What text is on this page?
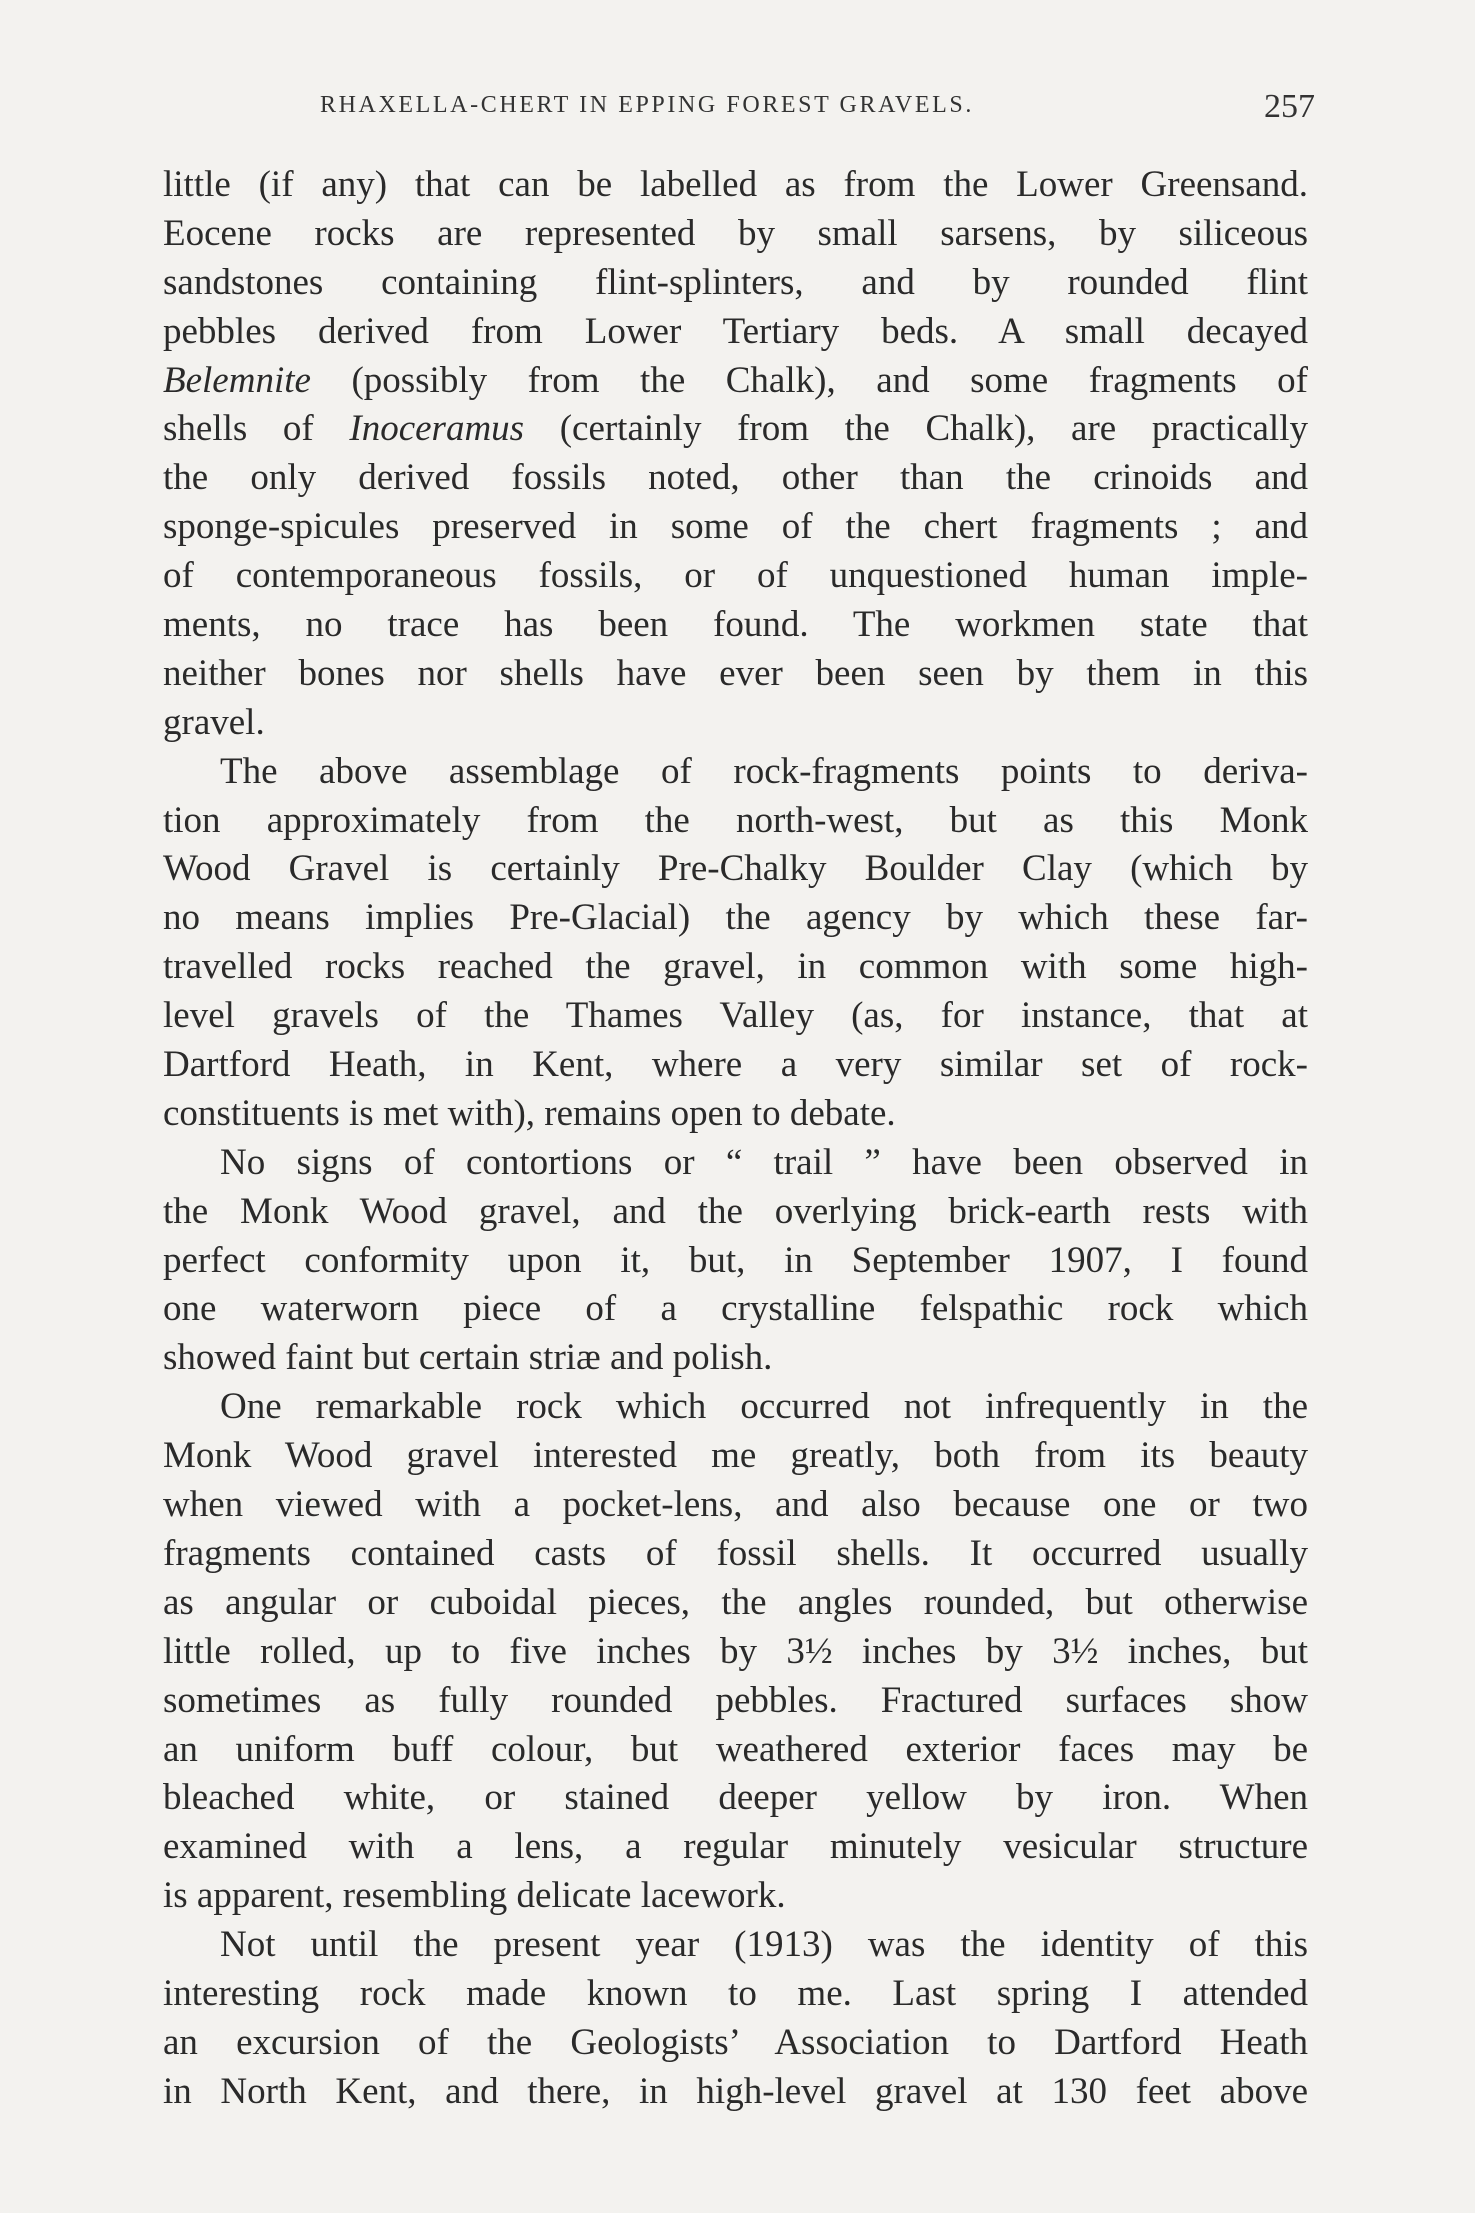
RHAXELLA-CHERT IN EPPING FOREST GRAVELS.	257
little (if any) that can be labelled as from the Lower Greensand.
Eocene rocks are represented by small sarsens, by siliceous
sandstones containing flint-splinters, and by rounded flint
pebbles derived from Lower Tertiary beds. A small decayed
Belemnite (possibly from the Chalk), and some fragments of
shells of Inoceramus (certainly from the Chalk), are practically
the only derived fossils noted, other than the crinoids and
sponge-spicules preserved in some of the chert fragments ; and
of contemporaneous fossils, or of unquestioned human imple-
ments, no trace has been found. The workmen state that
neither bones nor shells have ever been seen by them in this
gravel.
The above assemblage of rock-fragments points to deriva-
tion approximately from the north-west, but as this Monk
Wood Gravel is certainly Pre-Chalky Boulder Clay (which by
no means implies Pre-Glacial) the agency by which these far-
travelled rocks reached the gravel, in common with some high-
level gravels of the Thames Valley (as, for instance, that at
Dartford Heath, in Kent, where a very similar set of rock-
constituents is met with), remains open to debate.
No signs of contortions or “ trail ” have been observed in
the Monk Wood gravel, and the overlying brick-earth rests with
perfect conformity upon it, but, in September 1907, I found
one waterworn piece of a crystalline felspathic rock which
showed faint but certain striæ and polish.
One remarkable rock which occurred not infrequently in the
Monk Wood gravel interested me greatly, both from its beauty
when viewed with a pocket-lens, and also because one or two
fragments contained casts of fossil shells. It occurred usually
as angular or cuboidal pieces, the angles rounded, but otherwise
little rolled, up to five inches by 3½ inches by 3½ inches, but
sometimes as fully rounded pebbles. Fractured surfaces show
an uniform buff colour, but weathered exterior faces may be
bleached white, or stained deeper yellow by iron. When
examined with a lens, a regular minutely vesicular structure
is apparent, resembling delicate lacework.
Not until the present year (1913) was the identity of this
interesting rock made known to me. Last spring I attended
an excursion of the Geologists’ Association to Dartford Heath
in North Kent, and there, in high-level gravel at 130 feet above
